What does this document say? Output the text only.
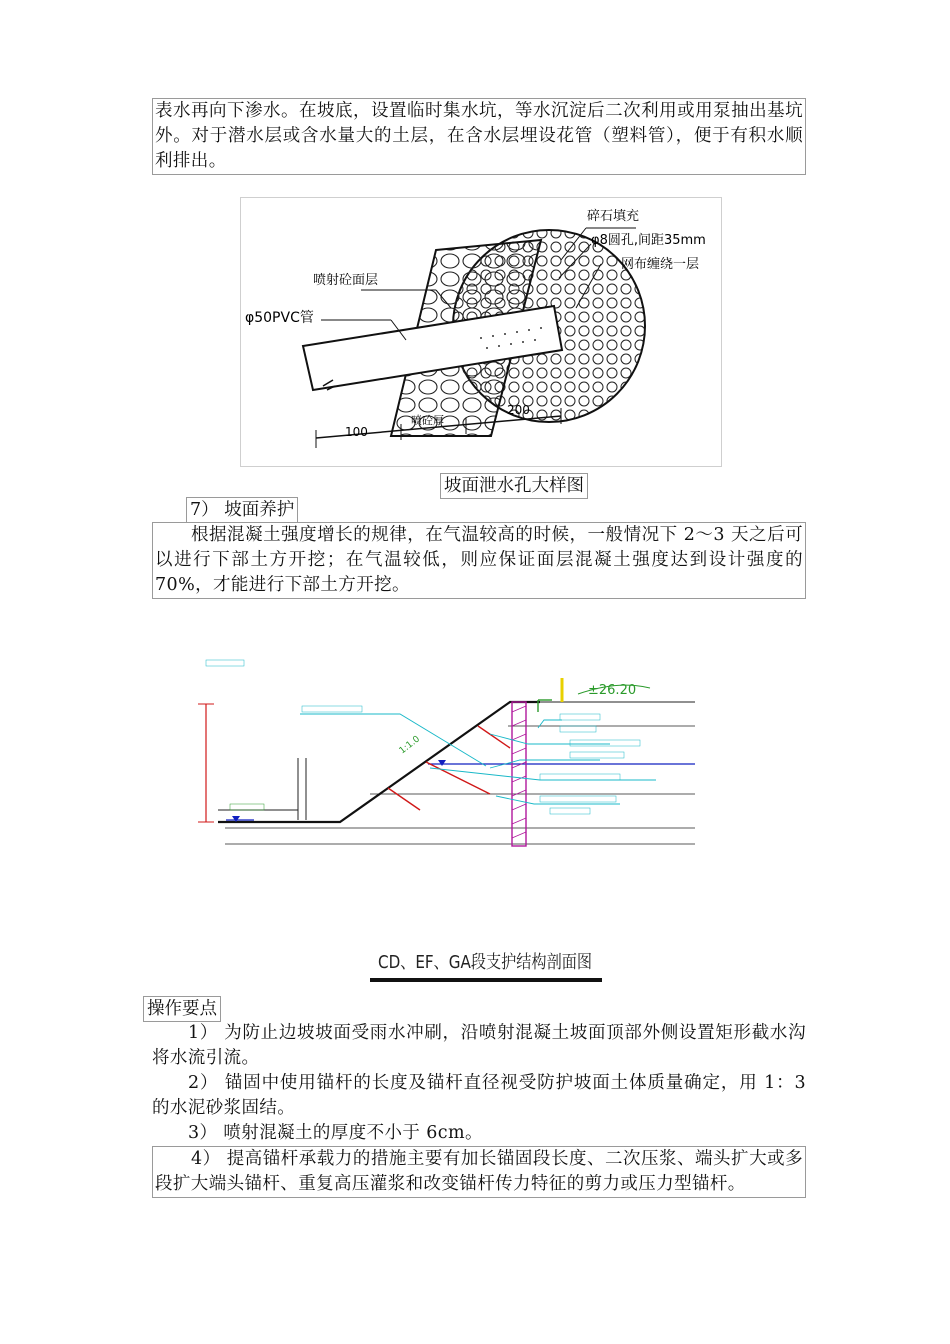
表水再向下渗水。在坡底，设置临时集水坑，等水沉淀后二次利用或用泵抽出基坑外。对于潜水层或含水量大的土层，在含水层埋设花管（塑料管），便于有积水顺利排出。
碎石填充
φ8圆孔,间距35mm
网布缠绕一层
喷射砼面层
φ50PVC管
100
喷砼厚
200
坡面泄水孔大样图
7） 坡面养护
根据混凝土强度增长的规律，在气温较高的时候，一般情况下 2～3 天之后可以进行下部土方开挖；在气温较低，则应保证面层混凝土强度达到设计强度的 70%，才能进行下部土方开挖。
±26.20
1:1.0
CD、EF、GA段支护结构剖面图
操作要点
1） 为防止边坡坡面受雨水冲刷，沿喷射混凝土坡面顶部外侧设置矩形截水沟将水流引流。
2） 锚固中使用锚杆的长度及锚杆直径视受防护坡面土体质量确定，用 1：3 的水泥砂浆固结。
3） 喷射混凝土的厚度不小于 6cm。
4） 提高锚杆承载力的措施主要有加长锚固段长度、二次压浆、端头扩大或多段扩大端头锚杆、重复高压灌浆和改变锚杆传力特征的剪力或压力型锚杆。
